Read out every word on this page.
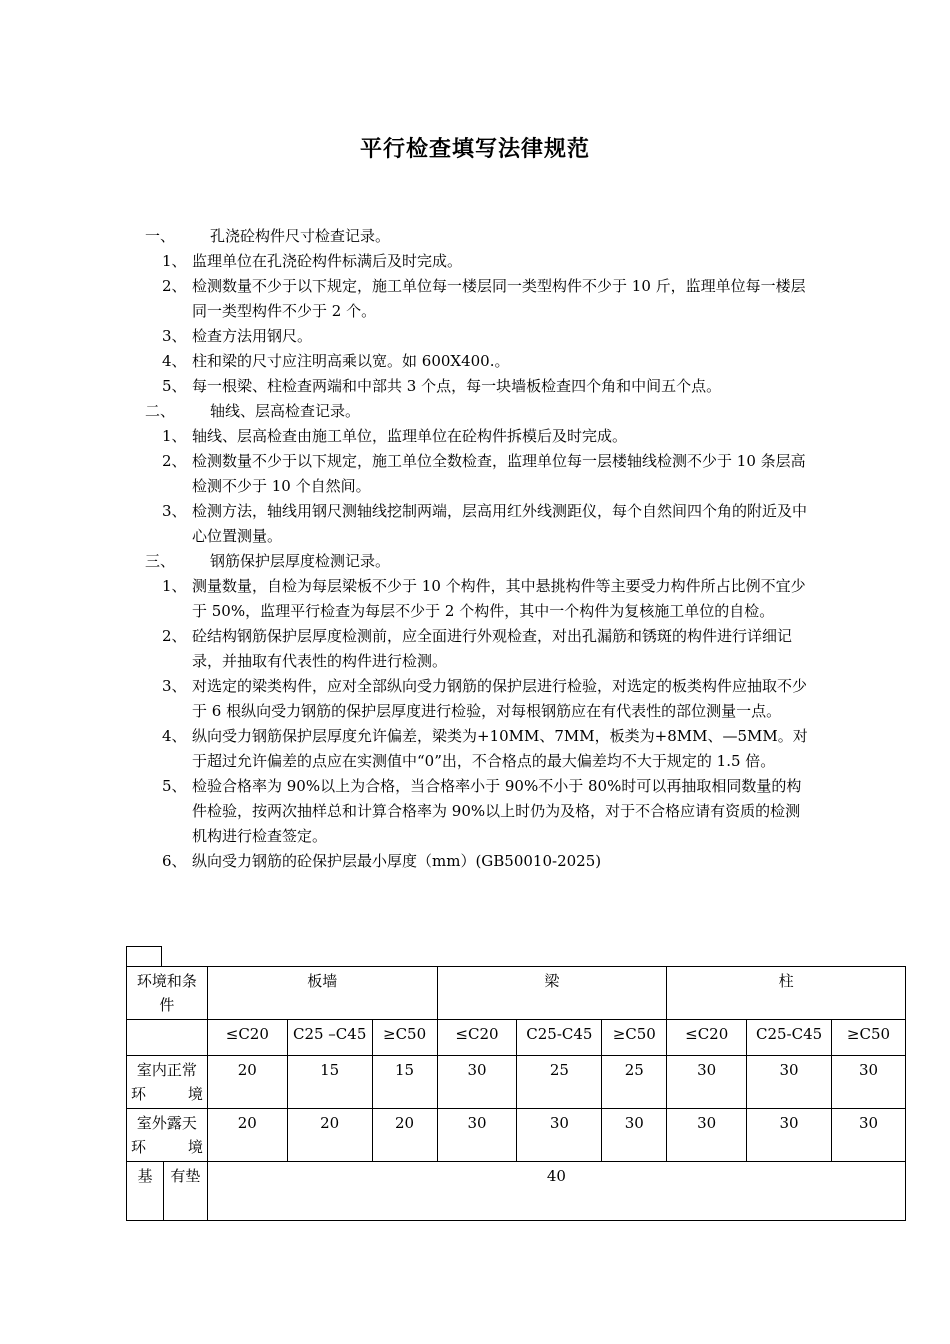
平行检查填写法律规范
一、 孔浇砼构件尺寸检查记录。
1、 监理单位在孔浇砼构件标满后及时完成。
2、 检测数量不少于以下规定，施工单位每一楼层同一类型构件不少于 10 斤，监理单位每一楼层同一类型构件不少于 2 个。
3、 检查方法用钢尺。
4、 柱和梁的尺寸应注明高乘以宽。如 600X400.。
5、 每一根梁、柱检查两端和中部共 3 个点，每一块墙板检查四个角和中间五个点。
二、 轴线、层高检查记录。
1、 轴线、层高检查由施工单位，监理单位在砼构件拆模后及时完成。
2、 检测数量不少于以下规定，施工单位全数检查，监理单位每一层楼轴线检测不少于 10 条层高检测不少于 10 个自然间。
3、 检测方法，轴线用钢尺测轴线挖制两端，层高用红外线测距仪，每个自然间四个角的附近及中心位置测量。
三、 钢筋保护层厚度检测记录。
1、 测量数量，自检为每层梁板不少于 10 个构件，其中悬挑构件等主要受力构件所占比例不宜少于 50%，监理平行检查为每层不少于 2 个构件，其中一个构件为复核施工单位的自检。
2、 砼结构钢筋保护层厚度检测前，应全面进行外观检查，对出孔漏筋和锈斑的构件进行详细记录，并抽取有代表性的构件进行检测。
3、 对选定的梁类构件，应对全部纵向受力钢筋的保护层进行检验，对选定的板类构件应抽取不少于 6 根纵向受力钢筋的保护层厚度进行检验，对每根钢筋应在有代表性的部位测量一点。
4、 纵向受力钢筋保护层厚度允许偏差，梁类为+10MM、7MM，板类为+8MM、—5MM。对于超过允许偏差的点应在实测值中“0”出，不合格点的最大偏差均不大于规定的 1.5 倍。
5、 检验合格率为 90%以上为合格，当合格率小于 90%不小于 80%时可以再抽取相同数量的构件检验，按两次抽样总和计算合格率为 90%以上时仍为及格，对于不合格应请有资质的检测机构进行检查签定。
6、 纵向受力钢筋的砼保护层最小厚度（mm）(GB50010-2025)
环境和条件		板墙			梁			柱		
		≤C20	C25 –C45	≥C50	≤C20	C25-C45	≥C50	≤C20	C25-C45	≥C50
室内正常环境		20	15	15	30	25	25	30	30	30
室外露天环境		20	20	20	30	30	30	30	30	30
基	有垫	40								
